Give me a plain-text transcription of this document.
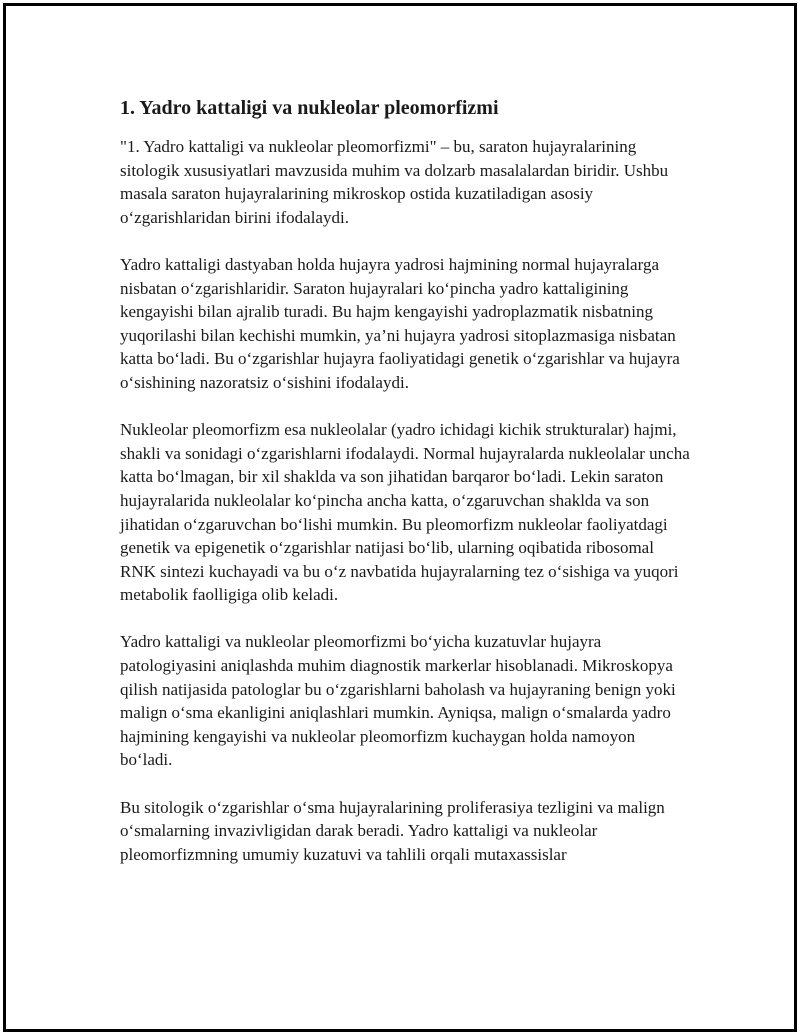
1. Yadro kattaligi va nukleolar pleomorfizmi

"1. Yadro kattaligi va nukleolar pleomorfizmi" – bu, saraton hujayralarining sitologik xususiyatlari mavzusida muhim va dolzarb masalalardan biridir. Ushbu masala saraton hujayralarining mikroskop ostida kuzatiladigan asosiy o‘zgarishlaridan birini ifodalaydi.

Yadro kattaligi dastyaban holda hujayra yadrosi hajmining normal hujayralarga nisbatan o‘zgarishlaridir. Saraton hujayralari ko‘pincha yadro kattaligining kengayishi bilan ajralib turadi. Bu hajm kengayishi yadroplazmatik nisbatning yuqorilashi bilan kechishi mumkin, ya’ni hujayra yadrosi sitoplazmasiga nisbatan katta bo‘ladi. Bu o‘zgarishlar hujayra faoliyatidagi genetik o‘zgarishlar va hujayra o‘sishining nazoratsiz o‘sishini ifodalaydi.

Nukleolar pleomorfizm esa nukleolalar (yadro ichidagi kichik strukturalar) hajmi, shakli va sonidagi o‘zgarishlarni ifodalaydi. Normal hujayralarda nukleolalar uncha katta bo‘lmagan, bir xil shaklda va son jihatidan barqaror bo‘ladi. Lekin saraton hujayralarida nukleolalar ko‘pincha ancha katta, o‘zgaruvchan shaklda va son jihatidan o‘zgaruvchan bo‘lishi mumkin. Bu pleomorfizm nukleolar faoliyatdagi genetik va epigenetik o‘zgarishlar natijasi bo‘lib, ularning oqibatida ribosomal RNK sintezi kuchayadi va bu o‘z navbatida hujayralarning tez o‘sishiga va yuqori metabolik faolligiga olib keladi.

Yadro kattaligi va nukleolar pleomorfizmi bo‘yicha kuzatuvlar hujayra patologiyasini aniqlashda muhim diagnostik markerlar hisoblanadi. Mikroskopya qilish natijasida patologlar bu o‘zgarishlarni baholash va hujayraning benign yoki malign o‘sma ekanligini aniqlashlari mumkin. Ayniqsa, malign o‘smalarda yadro hajmining kengayishi va nukleolar pleomorfizm kuchaygan holda namoyon bo‘ladi.

Bu sitologik o‘zgarishlar o‘sma hujayralarining proliferasiya tezligini va malign o‘smalarning invazivligidan darak beradi. Yadro kattaligi va nukleolar pleomorfizmning umumiy kuzatuvi va tahlili orqali mutaxassislar
